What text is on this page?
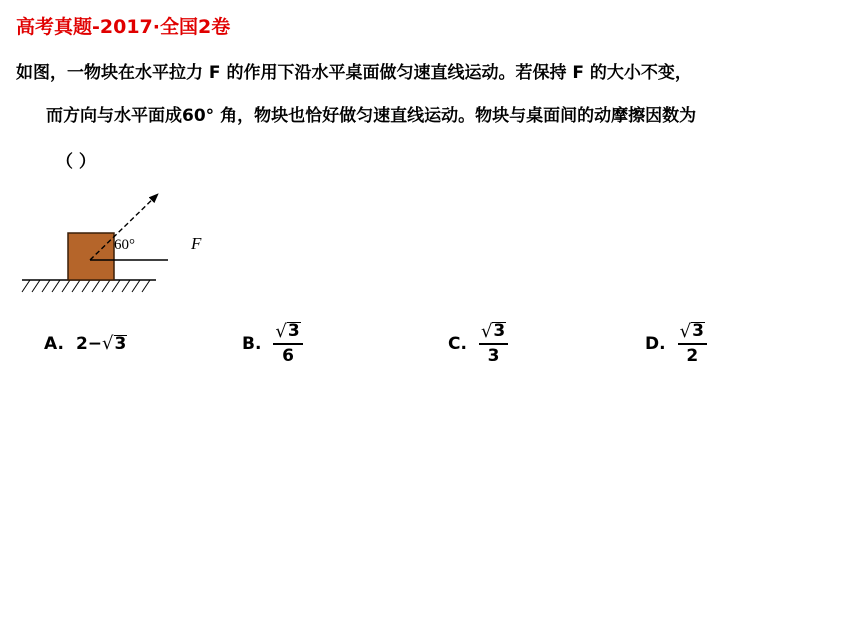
高考真题-2017·全国2卷
如图，一物块在水平拉力 F 的作用下沿水平桌面做匀速直线运动。若保持 F 的大小不变，
而方向与水平面成60° 角，物块也恰好做匀速直线运动。物块与桌面间的动摩擦因数为
（ ）
60°	F
A. 2− √ 3	B. $\frac{√ 3}{6}$	C. $\frac{√ 3}{3}$	D. $\frac{√ 3}{2}$
